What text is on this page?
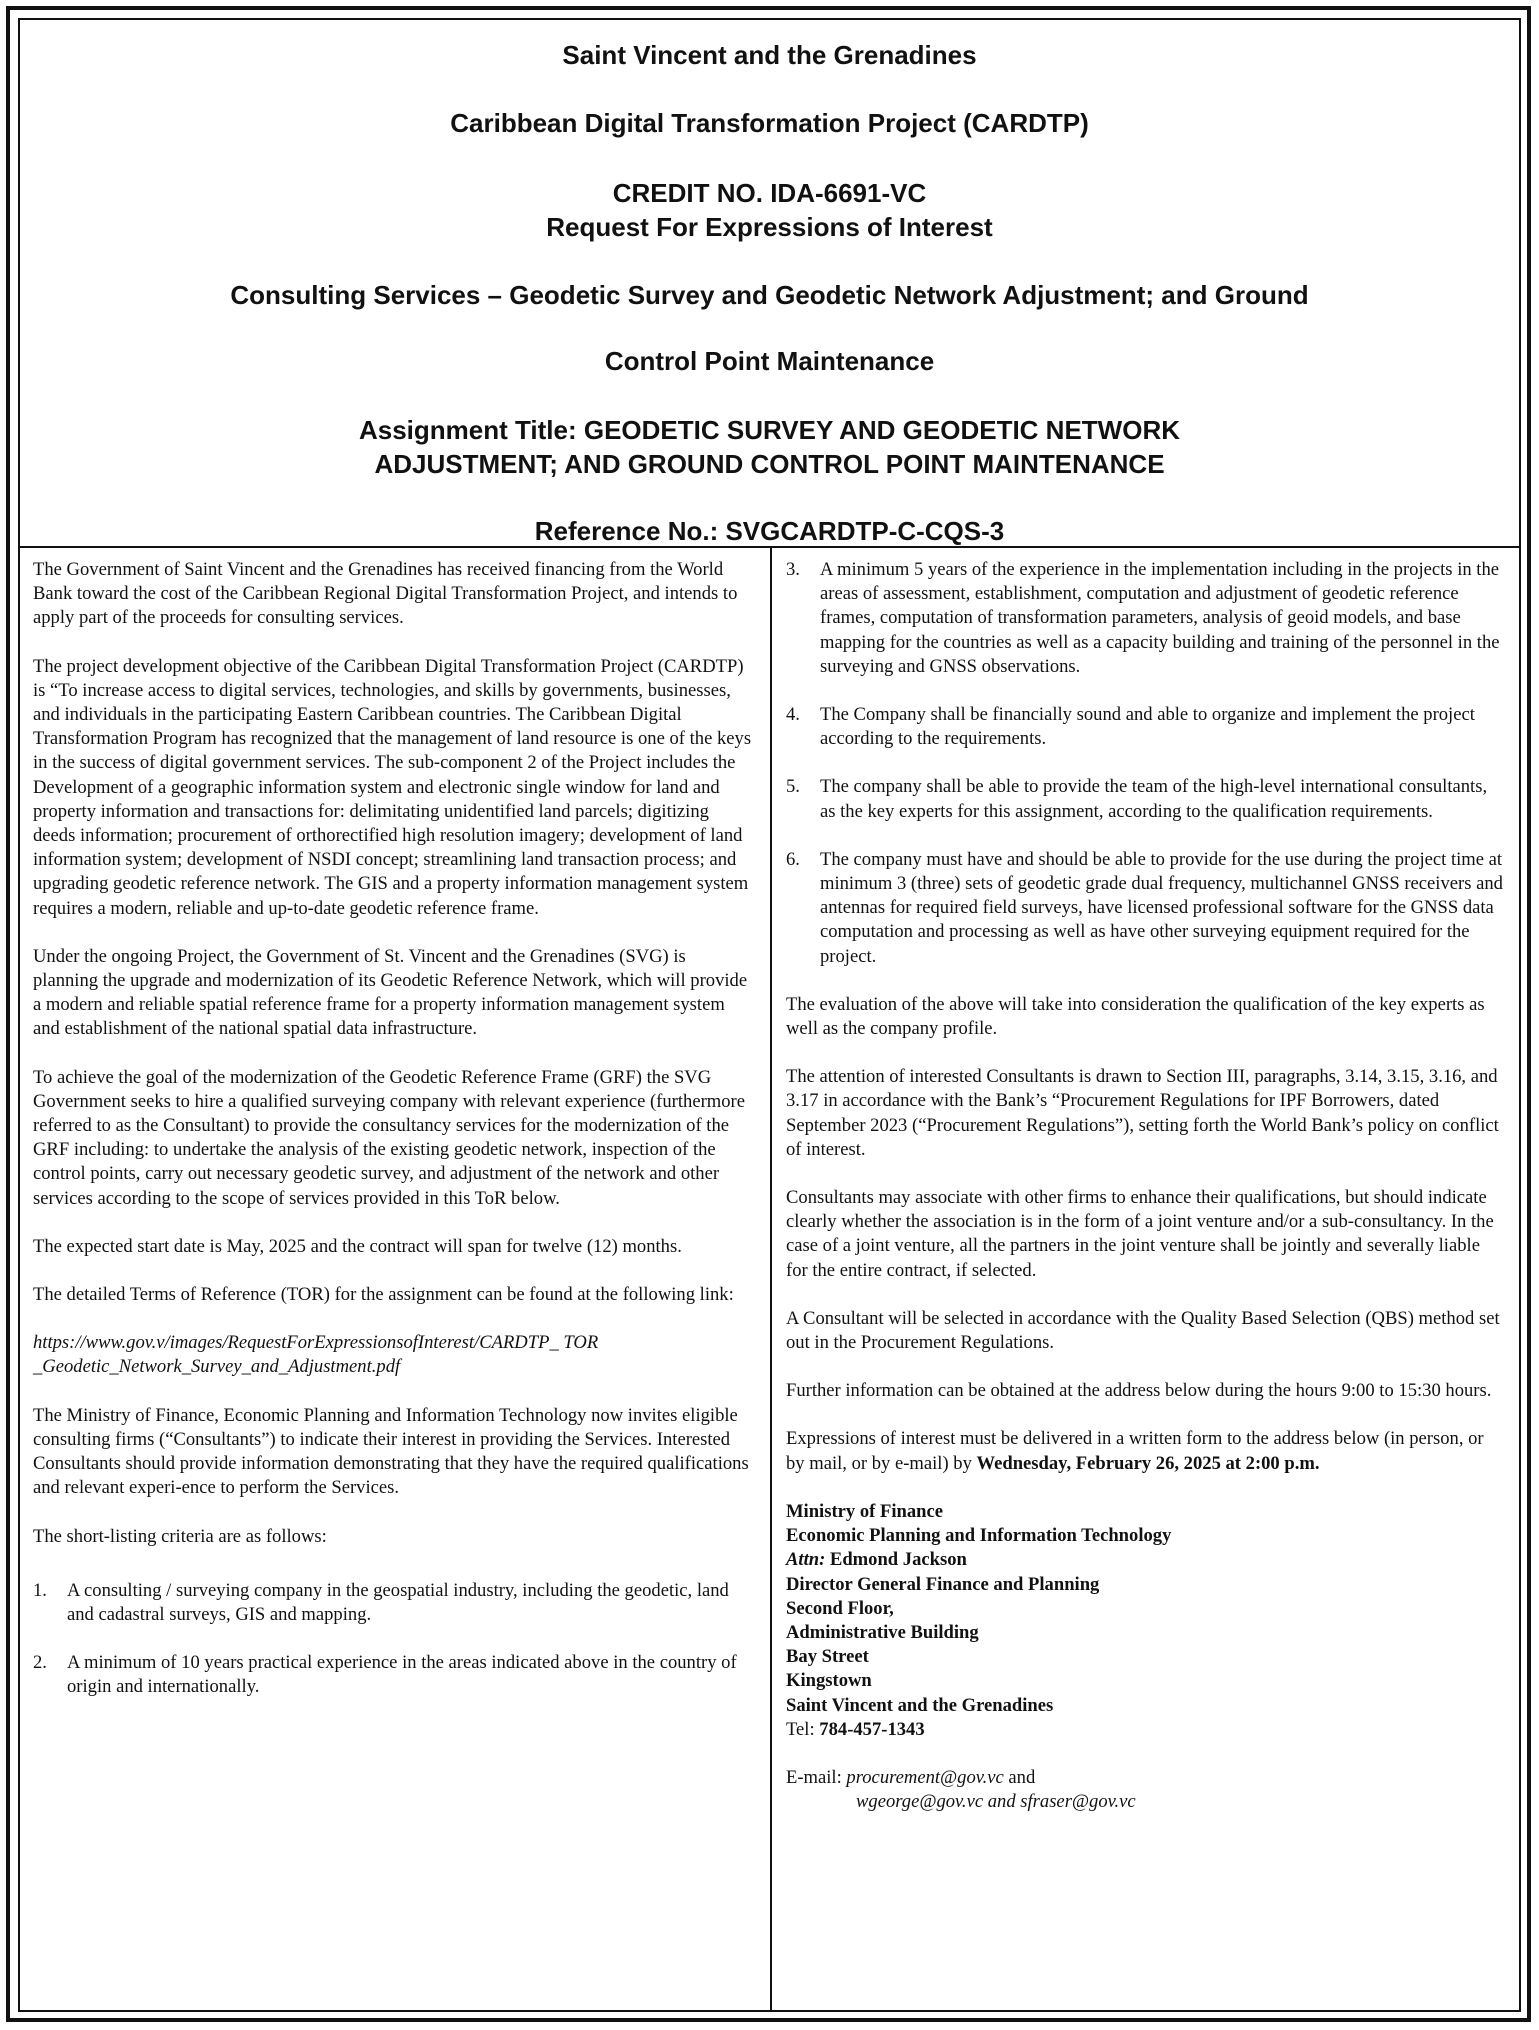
Saint Vincent and the Grenadines
Caribbean Digital Transformation Project (CARDTP)
CREDIT NO. IDA-6691-VC
Request For Expressions of Interest
Consulting Services – Geodetic Survey and Geodetic Network Adjustment; and Ground
Control Point Maintenance
Assignment Title: GEODETIC SURVEY AND GEODETIC NETWORK
ADJUSTMENT; AND GROUND CONTROL POINT MAINTENANCE
Reference No.: SVGCARDTP-C-CQS-3

The Government of Saint Vincent and the Grenadines has received financing from the World Bank toward the cost of the Caribbean Regional Digital Transformation Project, and intends to apply part of the proceeds for consulting services.

The project development objective of the Caribbean Digital Transformation Project (CARDTP) is “To increase access to digital services, technologies, and skills by governments, businesses, and individuals in the participating Eastern Caribbean countries. The Caribbean Digital Transformation Program has recognized that the management of land resource is one of the keys in the success of digital government services. The sub-component 2 of the Project includes the Development of a geographic information system and electronic single window for land and property information and transactions for: delimitating unidentified land parcels; digitizing deeds information; procurement of orthorectified high resolution imagery; development of land information system; development of NSDI concept; streamlining land transaction process; and upgrading geodetic reference network. The GIS and a property information management system requires a modern, reliable and up-to-date geodetic reference frame.

Under the ongoing Project, the Government of St. Vincent and the Grenadines (SVG) is planning the upgrade and modernization of its Geodetic Reference Network, which will provide a modern and reliable spatial reference frame for a property information management system and establishment of the national spatial data infrastructure.

To achieve the goal of the modernization of the Geodetic Reference Frame (GRF) the SVG Government seeks to hire a qualified surveying company with relevant experience (furthermore referred to as the Consultant) to provide the consultancy services for the modernization of the GRF including: to undertake the analysis of the existing geodetic network, inspection of the control points, carry out necessary geodetic survey, and adjustment of the network and other services according to the scope of services provided in this ToR below.

The expected start date is May, 2025 and the contract will span for twelve (12) months.

The detailed Terms of Reference (TOR) for the assignment can be found at the following link:

https://www.gov.v/images/RequestForExpressionsofInterest/CARDTP_ TOR
_Geodetic_Network_Survey_and_Adjustment.pdf

The Ministry of Finance, Economic Planning and Information Technology now invites eligible consulting firms (“Consultants”) to indicate their interest in providing the Services. Interested Consultants should provide information demonstrating that they have the required qualifications and relevant experi-ence to perform the Services.

The short-listing criteria are as follows:

1. A consulting / surveying company in the geospatial industry, including the geodetic, land and cadastral surveys, GIS and mapping.
2. A minimum of 10 years practical experience in the areas indicated above in the country of origin and internationally.
3. A minimum 5 years of the experience in the implementation including in the projects in the areas of assessment, establishment, computation and adjustment of geodetic reference frames, computation of transformation parameters, analysis of geoid models, and base mapping for the countries as well as a capacity building and training of the personnel in the surveying and GNSS observations.
4. The Company shall be financially sound and able to organize and implement the project according to the requirements.
5. The company shall be able to provide the team of the high-level international consultants, as the key experts for this assignment, according to the qualification requirements.
6. The company must have and should be able to provide for the use during the project time at minimum 3 (three) sets of geodetic grade dual frequency, multichannel GNSS receivers and antennas for required field surveys, have licensed professional software for the GNSS data computation and processing as well as have other surveying equipment required for the project.

The evaluation of the above will take into consideration the qualification of the key experts as well as the company profile.

The attention of interested Consultants is drawn to Section III, paragraphs, 3.14, 3.15, 3.16, and 3.17 in accordance with the Bank’s “Procurement Regulations for IPF Borrowers, dated September 2023 (“Procurement Regulations”), setting forth the World Bank’s policy on conflict of interest.

Consultants may associate with other firms to enhance their qualifications, but should indicate clearly whether the association is in the form of a joint venture and/or a sub-consultancy. In the case of a joint venture, all the partners in the joint venture shall be jointly and severally liable for the entire contract, if selected.

A Consultant will be selected in accordance with the Quality Based Selection (QBS) method set out in the Procurement Regulations.

Further information can be obtained at the address below during the hours 9:00 to 15:30 hours.

Expressions of interest must be delivered in a written form to the address below (in person, or by mail, or by e-mail) by Wednesday, February 26, 2025 at 2:00 p.m.

Ministry of Finance
Economic Planning and Information Technology
Attn: Edmond Jackson
Director General Finance and Planning
Second Floor,
Administrative Building
Bay Street
Kingstown
Saint Vincent and the Grenadines
Tel: 784-457-1343

E-mail: procurement@gov.vc and
wgeorge@gov.vc and sfraser@gov.vc
